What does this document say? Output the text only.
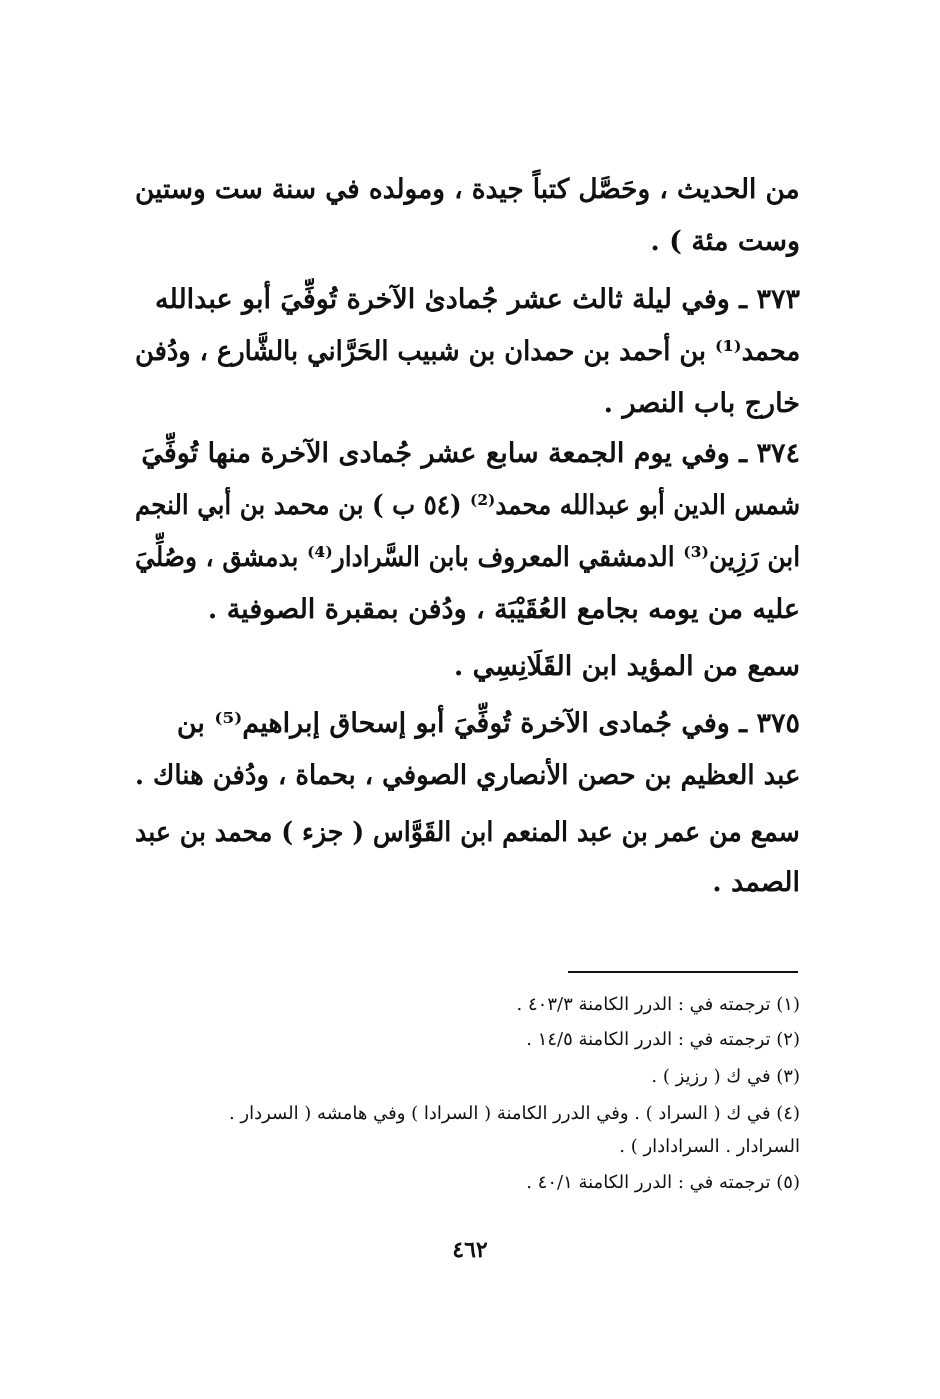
من الحديث ، وحَصَّل كتباً جيدة ، ومولده في سنة ست وستين
وست مئة ) .
٣٧٣ ـ وفي ليلة ثالث عشر جُمادىٰ الآخرة تُوفِّيَ أبو عبدالله
محمد⁽¹⁾ بن أحمد بن حمدان بن شبيب الحَرَّاني بالشَّارع ، ودُفن
خارج باب النصر .
٣٧٤ ـ وفي يوم الجمعة سابع عشر جُمادى الآخرة منها تُوفِّيَ
شمس الدين أبو عبدالله محمد⁽²⁾ (٥٤ ب ) بن محمد بن أبي النجم
ابن رَزِين⁽³⁾ الدمشقي المعروف بابن السَّرادار⁽⁴⁾ بدمشق ، وصُلِّيَ
عليه من يومه بجامع العُقَيْبَة ، ودُفن بمقبرة الصوفية .
سمع من المؤيد ابن القَلَانِسِي .
٣٧٥ ـ وفي جُمادى الآخرة تُوفِّيَ أبو إسحاق إبراهيم⁽⁵⁾ بن
عبد العظيم بن حصن الأنصاري الصوفي ، بحماة ، ودُفن هناك .
سمع من عمر بن عبد المنعم ابن القَوَّاس ( جزء ) محمد بن عبد
الصمد .
(١) ترجمته في : الدرر الكامنة ٤٠٣/٣ .
(٢) ترجمته في : الدرر الكامنة ١٤/٥ .
(٣) في ك ( رزيز ) .
(٤) في ك ( السراد ) . وفي الدرر الكامنة ( السرادا ) وفي هامشه ( السردار .
السرادار . السرادادار ) .
(٥) ترجمته في : الدرر الكامنة ٤٠/١ .
٤٦٢
